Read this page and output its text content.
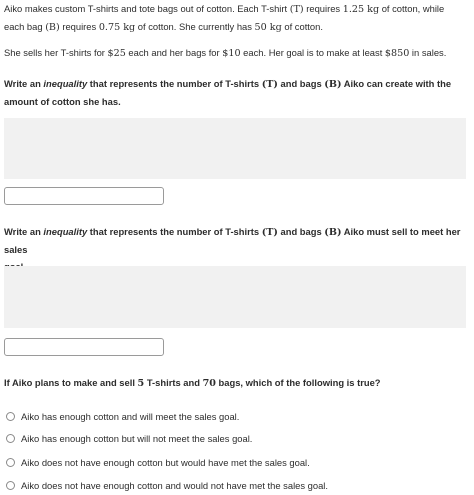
Aiko makes custom T-shirts and tote bags out of cotton. Each T-shirt (T) requires 1.25 kg of cotton, while
each bag (B) requires 0.75 kg of cotton. She currently has 50 kg of cotton.

She sells her T-shirts for $25 each and her bags for $10 each. Her goal is to make at least $850 in sales.

Write an inequality that represents the number of T-shirts (T) and bags (B) Aiko can create with the
amount of cotton she has.

Write an inequality that represents the number of T-shirts (T) and bags (B) Aiko must sell to meet her sales

If Aiko plans to make and sell 5 T-shirts and 70 bags, which of the following is true?

Aiko has enough cotton and will meet the sales goal.
Aiko has enough cotton but will not meet the sales goal.
Aiko does not have enough cotton but would have met the sales goal.
Aiko does not have enough cotton and would not have met the sales goal.
